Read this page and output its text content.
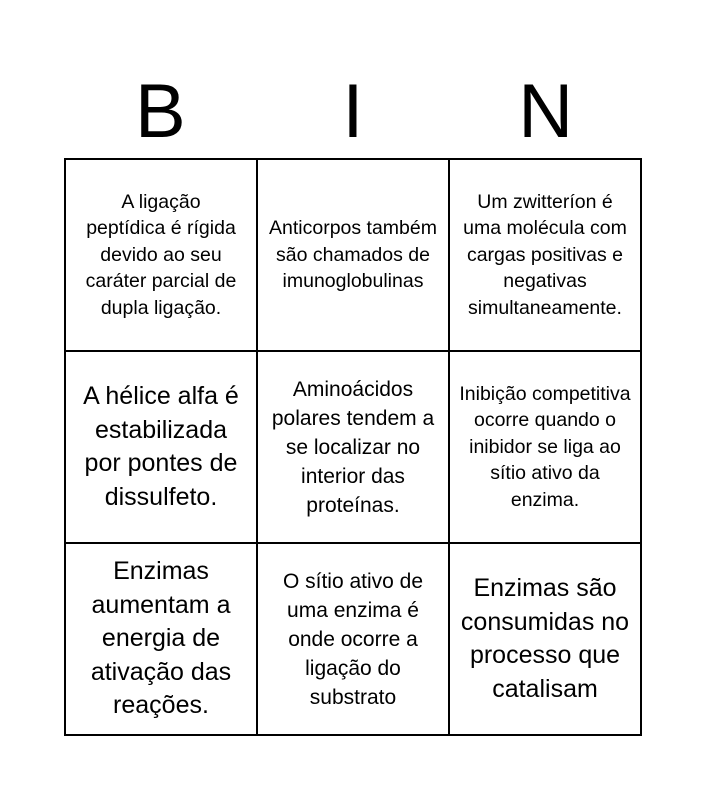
B	I	N
A ligação peptídica é rígida devido ao seu caráter parcial de dupla ligação.
Anticorpos também são chamados de imunoglobulinas
Um zwitteríon é uma molécula com cargas positivas e negativas simultaneamente.
A hélice alfa é estabilizada por pontes de dissulfeto.
Aminoácidos polares tendem a se localizar no interior das proteínas.
Inibição competitiva ocorre quando o inibidor se liga ao sítio ativo da enzima.
Enzimas aumentam a energia de ativação das reações.
O sítio ativo de uma enzima é onde ocorre a ligação do substrato
Enzimas são consumidas no processo que catalisam
